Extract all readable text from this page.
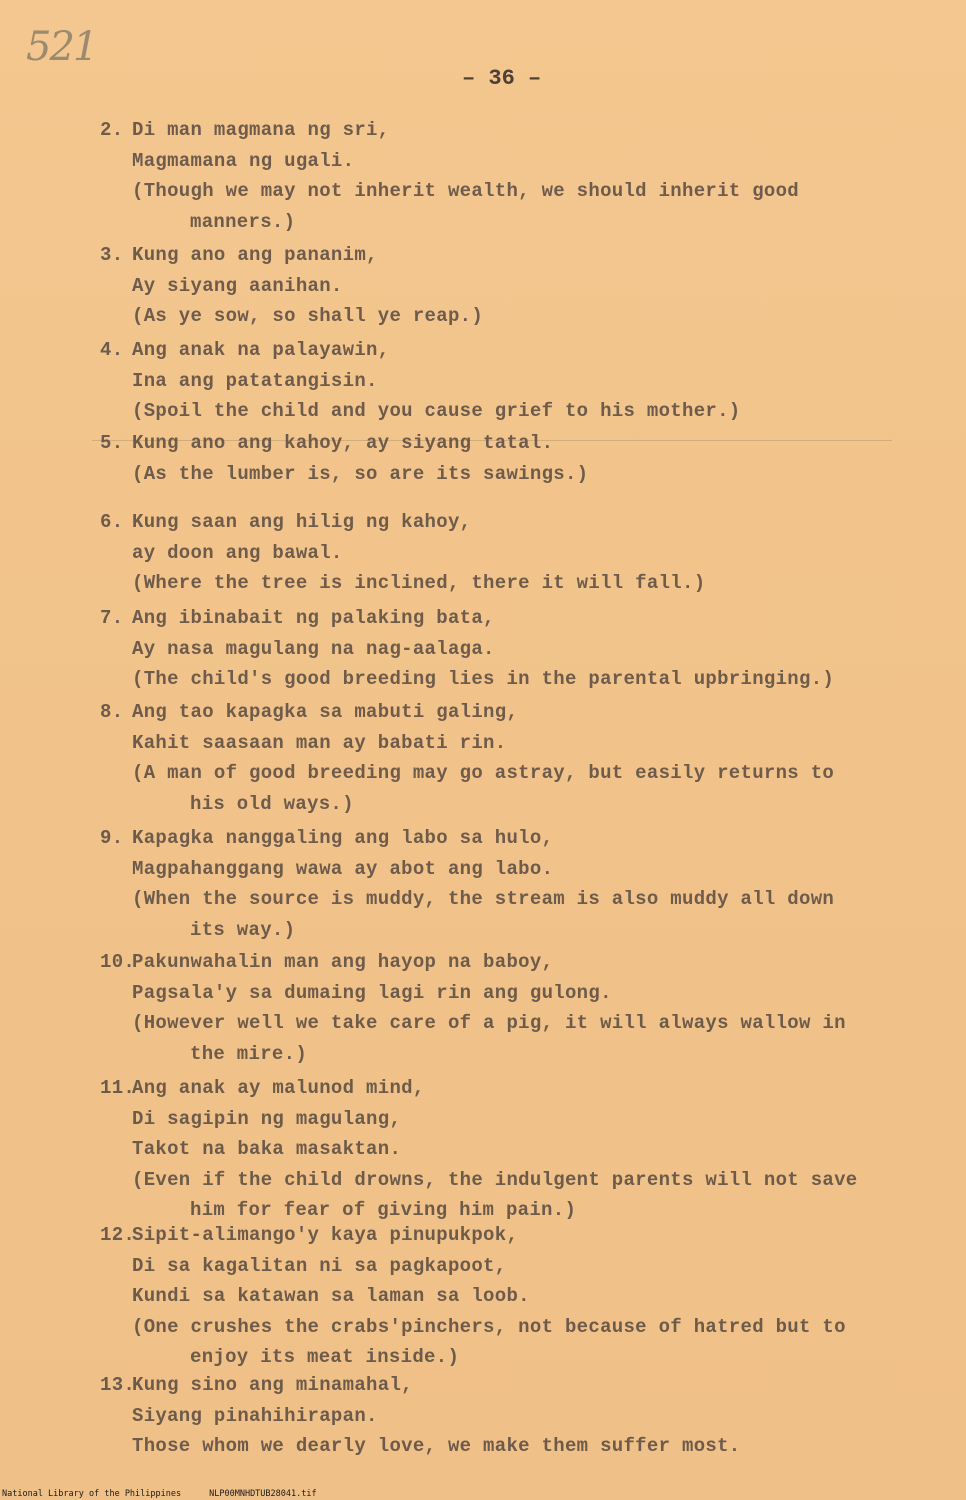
521
– 36 –
2. Di man magmana ng sri,
Magmamana ng ugali.
(Though we may not inherit wealth, we should inherit good
manners.)
3. Kung ano ang pananim,
Ay siyang aanihan.
(As ye sow, so shall ye reap.)
4. Ang anak na palayawin,
Ina ang patatangisin.
(Spoil the child and you cause grief to his mother.)
5. Kung ano ang kahoy, ay siyang tatal.
(As the lumber is, so are its sawings.)
6. Kung saan ang hilig ng kahoy,
ay doon ang bawal.
(Where the tree is inclined, there it will fall.)
7. Ang ibinabait ng palaking bata,
Ay nasa magulang na nag-aalaga.
(The child's good breeding lies in the parental upbringing.)
8. Ang tao kapagka sa mabuti galing,
Kahit saasaan man ay babati rin.
(A man of good breeding may go astray, but easily returns to
his old ways.)
9. Kapagka nanggaling ang labo sa hulo,
Magpahanggang wawa ay abot ang labo.
(When the source is muddy, the stream is also muddy all down
its way.)
10.Pakunwahalin man ang hayop na baboy,
Pagsala'y sa dumaing lagi rin ang gulong.
(However well we take care of a pig, it will always wallow in
the mire.)
11.Ang anak ay malunod mind,
Di sagipin ng magulang,
Takot na baka masaktan.
(Even if the child drowns, the indulgent parents will not save
him for fear of giving him pain.)
12.Sipit-alimango'y kaya pinupukpok,
Di sa kagalitan ni sa pagkapoot,
Kundi sa katawan sa laman sa loob.
(One crushes the crabs'pinchers, not because of hatred but to
enjoy its meat inside.)
13.Kung sino ang minamahal,
Siyang pinahihirapan.
Those whom we dearly love, we make them suffer most.
National Library of the Philippines	NLP00MNHDTUB28041.tif
